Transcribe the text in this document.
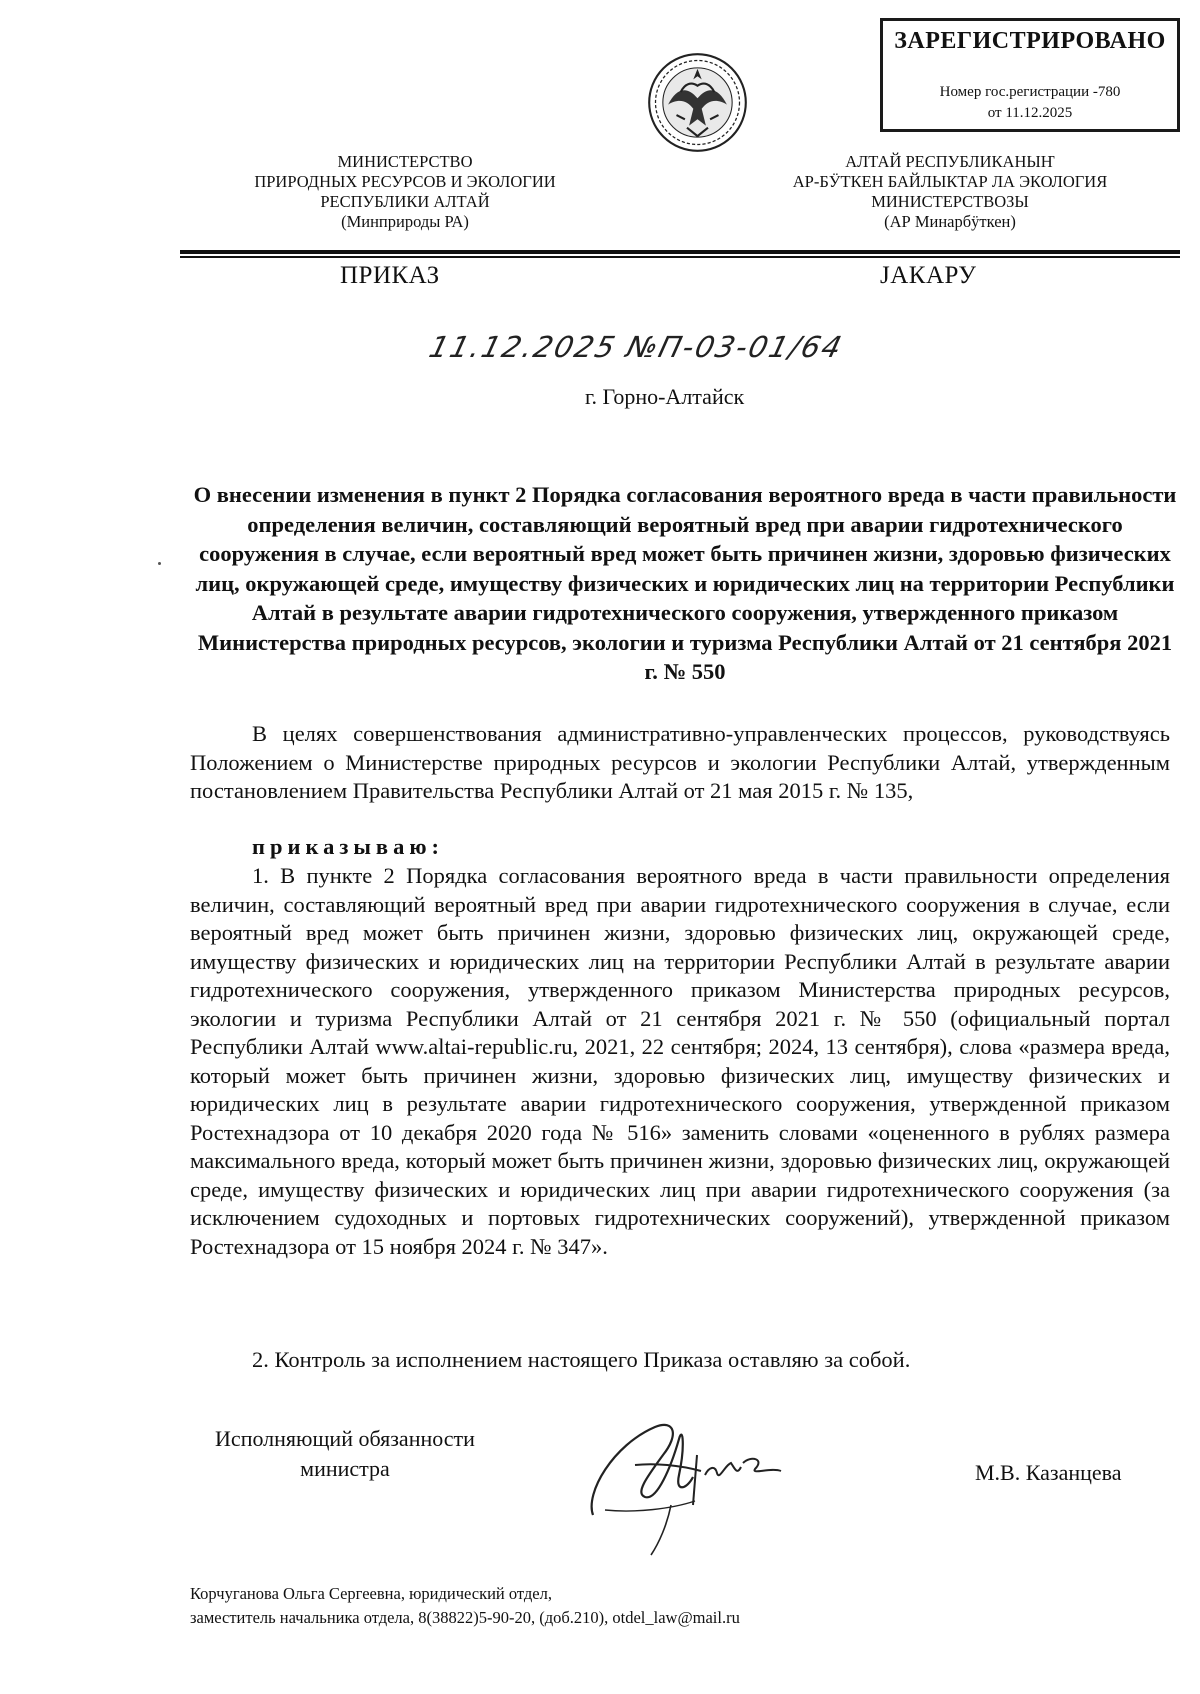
ЗАРЕГИСТРИРОВАНО
Номер гос.регистрации -780
от 11.12.2025
МИНИСТЕРСТВО
ПРИРОДНЫХ РЕСУРСОВ И ЭКОЛОГИИ
РЕСПУБЛИКИ АЛТАЙ
(Минприроды РА)
АЛТАЙ РЕСПУБЛИКАНЫҤ
АР-БӰТКЕН БАЙЛЫКТАР ЛА ЭКОЛОГИЯ
МИНИСТЕРСТВОЗЫ
(АР Минарбӱткен)
ПРИКАЗ	ЈАКАРУ
11.12.2025 №П-03-01/64
г. Горно-Алтайск
О внесении изменения в пункт 2 Порядка согласования вероятного вреда в части правильности определения величин, составляющий вероятный вред при аварии гидротехнического сооружения в случае, если вероятный вред может быть причинен жизни, здоровью физических лиц, окружающей среде, имуществу физических и юридических лиц на территории Республики Алтай в результате аварии гидротехнического сооружения, утвержденного приказом Министерства природных ресурсов, экологии и туризма Республики Алтай от 21 сентября 2021 г. № 550
В целях совершенствования административно-управленческих процессов, руководствуясь Положением о Министерстве природных ресурсов и экологии Республики Алтай, утвержденным постановлением Правительства Республики Алтай от 21 мая 2015 г. № 135,
приказываю:
1. В пункте 2 Порядка согласования вероятного вреда в части правильности определения величин, составляющий вероятный вред при аварии гидротехнического сооружения в случае, если вероятный вред может быть причинен жизни, здоровью физических лиц, окружающей среде, имуществу физических и юридических лиц на территории Республики Алтай в результате аварии гидротехнического сооружения, утвержденного приказом Министерства природных ресурсов, экологии и туризма Республики Алтай от 21 сентября 2021 г. № 550 (официальный портал Республики Алтай www.altai-republic.ru, 2021, 22 сентября; 2024, 13 сентября), слова «размера вреда, который может быть причинен жизни, здоровью физических лиц, имуществу физических и юридических лиц в результате аварии гидротехнического сооружения, утвержденной приказом Ростехнадзора от 10 декабря 2020 года № 516» заменить словами «оцененного в рублях размера максимального вреда, который может быть причинен жизни, здоровью физических лиц, окружающей среде, имуществу физических и юридических лиц при аварии гидротехнического сооружения (за исключением судоходных и портовых гидротехнических сооружений), утвержденной приказом Ростехнадзора от 15 ноября 2024 г. № 347».
2. Контроль за исполнением настоящего Приказа оставляю за собой.
Исполняющий обязанности
министра	М.В. Казанцева
Корчуганова Ольга Сергеевна, юридический отдел,
заместитель начальника отдела, 8(38822)5-90-20, (доб.210), otdel_law@mail.ru
